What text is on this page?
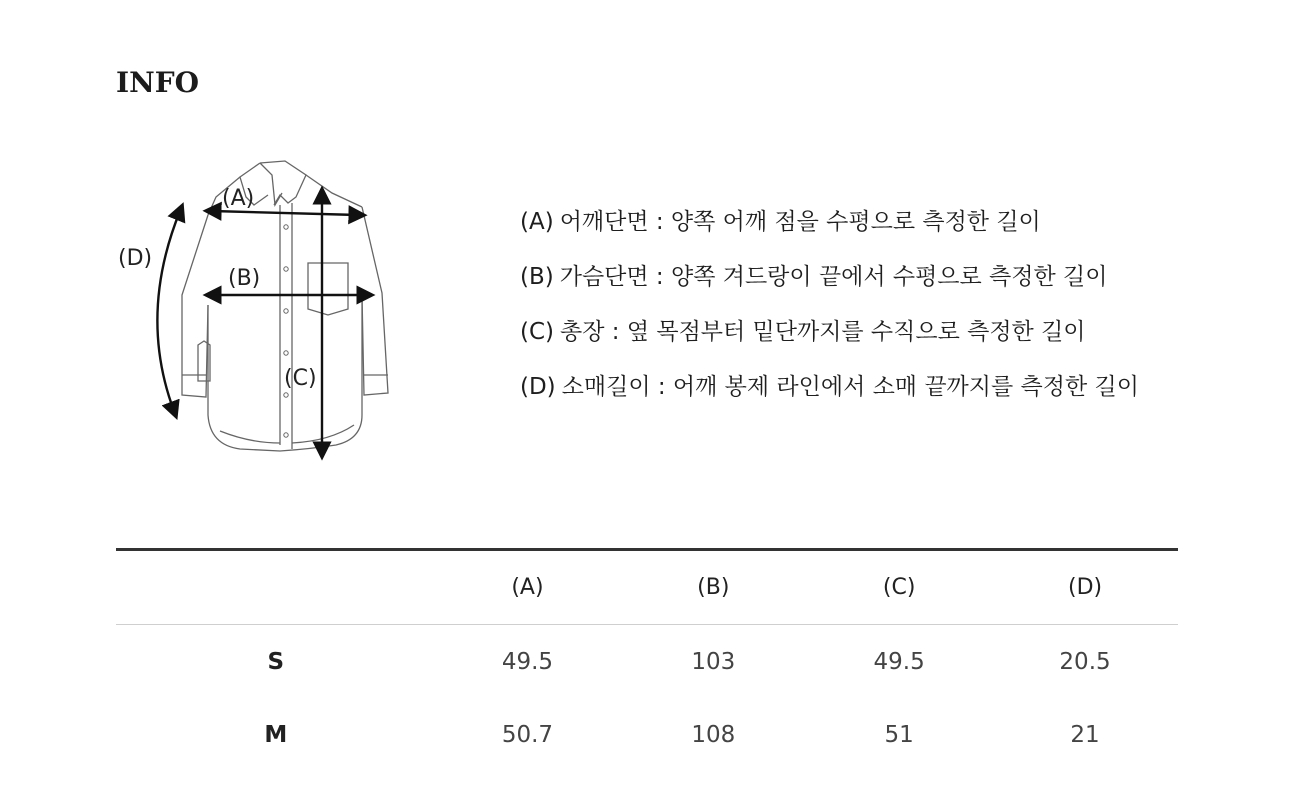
INFO
(A)
(B)
(C)
(D)
(A) 어깨단면 : 양쪽 어깨 점을 수평으로 측정한 길이
(B) 가슴단면 : 양쪽 겨드랑이 끝에서 수평으로 측정한 길이
(C) 총장 : 옆 목점부터 밑단까지를 수직으로 측정한 길이
(D) 소매길이 : 어깨 봉제 라인에서 소매 끝까지를 측정한 길이
	(A)	(B)	(C)	(D)
S	49.5	103	49.5	20.5
M	50.7	108	51	21
